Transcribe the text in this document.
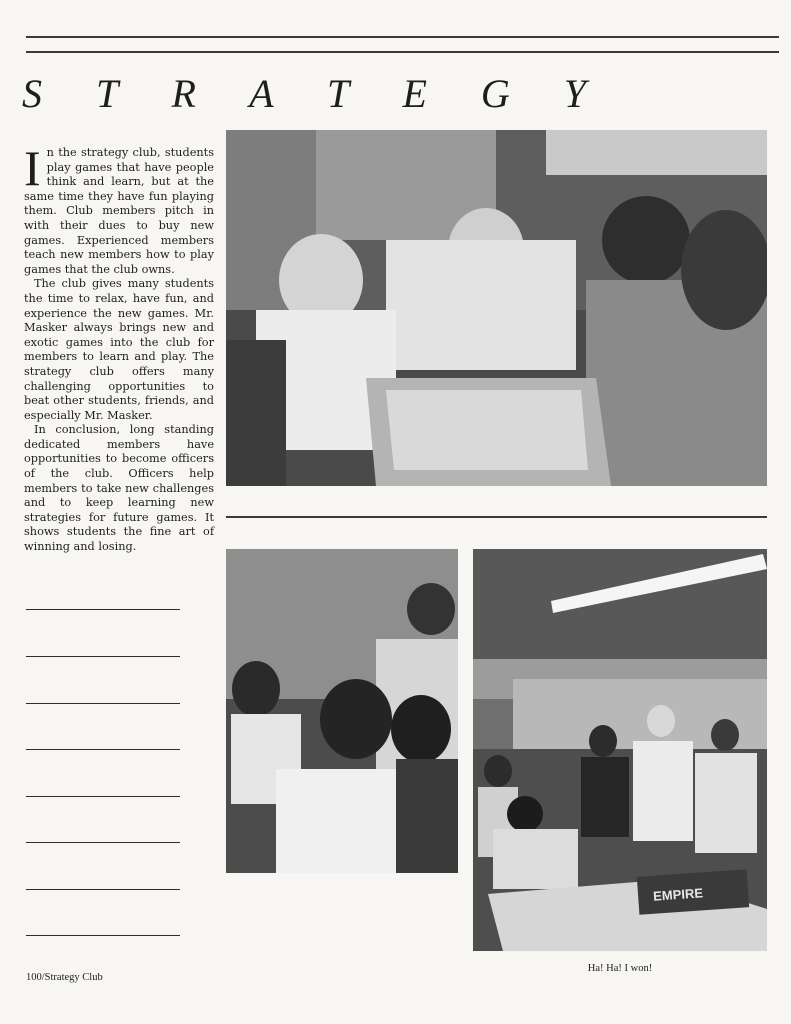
S T R A T E G Y

In the strategy club, students play games that have people think and learn, but at the same time they have fun playing them. Club members pitch in with their dues to buy new games. Experienced members teach new members how to play games that the club owns.

The club gives many students the time to relax, have fun, and experience the new games. Mr. Masker always brings new and exotic games into the club for members to learn and play. The strategy club offers many challenging opportunities to beat other students, friends, and especially Mr. Masker.

In conclusion, long standing dedicated members have opportunities to become officers of the club. Officers help members to take new challenges and to keep learning new strategies for future games. It shows students the fine art of winning and losing.

EMPIRE
Ha! Ha! I won!
100/Strategy Club
